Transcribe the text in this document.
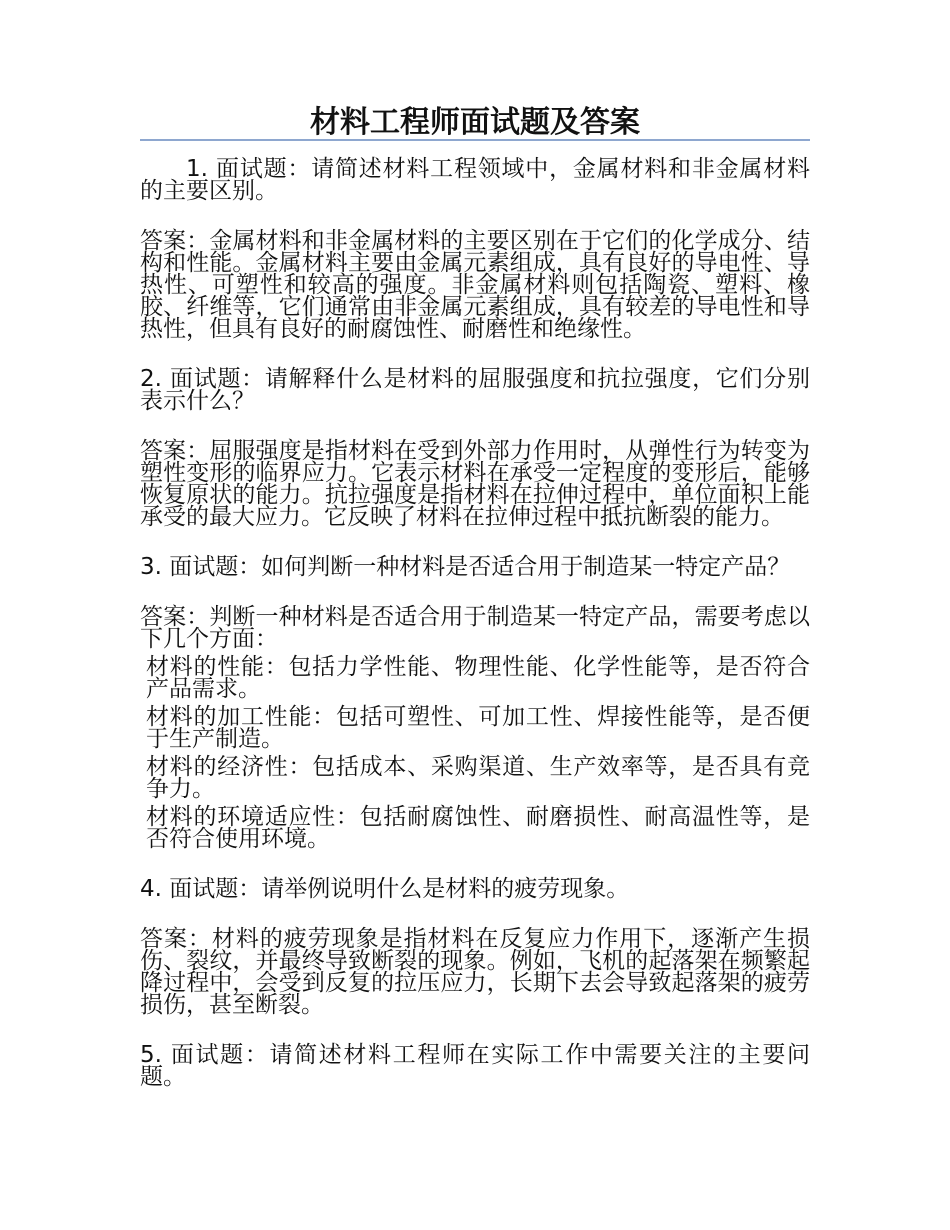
材料工程师面试题及答案

1. 面试题：请简述材料工程领域中，金属材料和非金属材料的主要区别。

答案：金属材料和非金属材料的主要区别在于它们的化学成分、结构和性能。金属材料主要由金属元素组成，具有良好的导电性、导热性、可塑性和较高的强度。非金属材料则包括陶瓷、塑料、橡胶、纤维等，它们通常由非金属元素组成，具有较差的导电性和导热性，但具有良好的耐腐蚀性、耐磨性和绝缘性。

2. 面试题：请解释什么是材料的屈服强度和抗拉强度，它们分别表示什么？

答案：屈服强度是指材料在受到外部力作用时，从弹性行为转变为塑性变形的临界应力。它表示材料在承受一定程度的变形后，能够恢复原状的能力。抗拉强度是指材料在拉伸过程中，单位面积上能承受的最大应力。它反映了材料在拉伸过程中抵抗断裂的能力。

3. 面试题：如何判断一种材料是否适合用于制造某一特定产品？

答案：判断一种材料是否适合用于制造某一特定产品，需要考虑以下几个方面：

材料的性能：包括力学性能、物理性能、化学性能等，是否符合产品需求。

材料的加工性能：包括可塑性、可加工性、焊接性能等，是否便于生产制造。

材料的经济性：包括成本、采购渠道、生产效率等，是否具有竞争力。

材料的环境适应性：包括耐腐蚀性、耐磨损性、耐高温性等，是否符合使用环境。

4. 面试题：请举例说明什么是材料的疲劳现象。

答案：材料的疲劳现象是指材料在反复应力作用下，逐渐产生损伤、裂纹，并最终导致断裂的现象。例如，飞机的起落架在频繁起降过程中，会受到反复的拉压应力，长期下去会导致起落架的疲劳损伤，甚至断裂。

5. 面试题：请简述材料工程师在实际工作中需要关注的主要问题。
